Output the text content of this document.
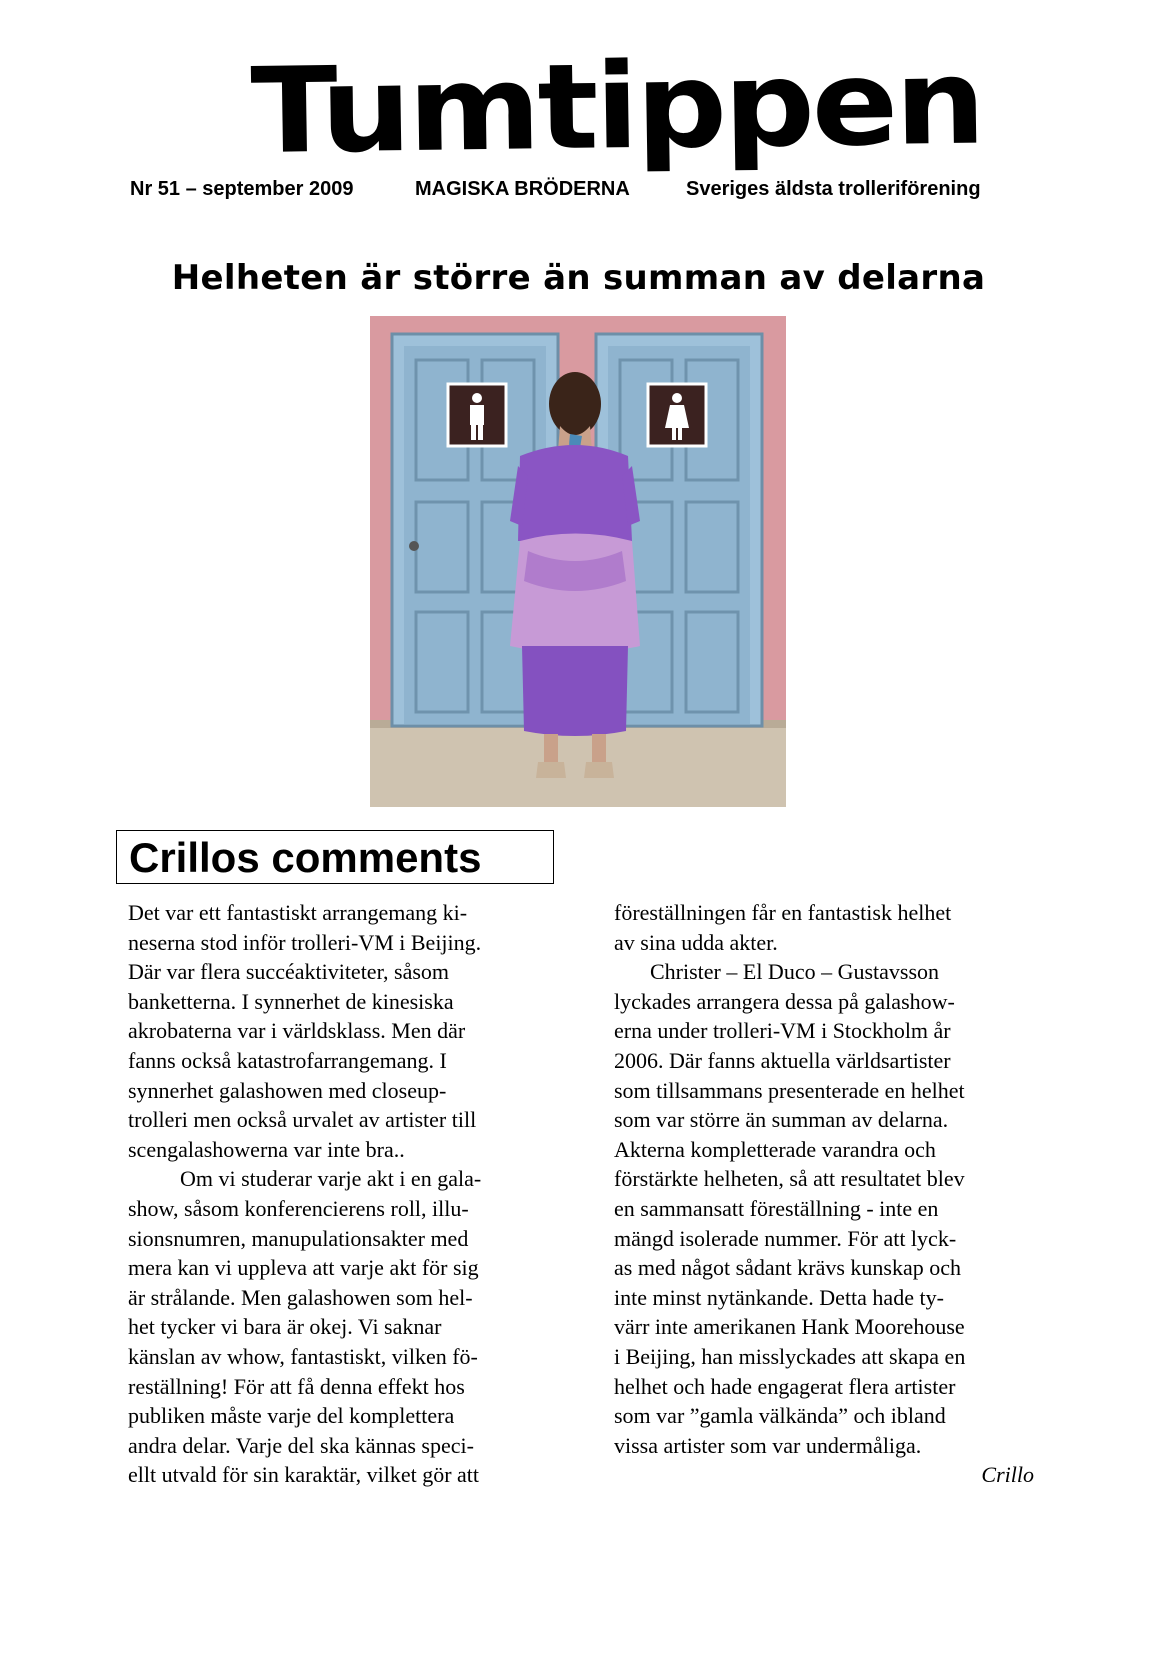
Tumtippen
Nr 51 – september 2009	MAGISKA BRÖDERNA	Sveriges äldsta trolleriförening
Helheten är större än summan av delarna
Crillos comments

Det var ett fantastiskt arrangemang ki-

neserna stod inför trolleri-VM i Beijing.

Där var flera succéaktiviteter, såsom

banketterna. I synnerhet de kinesiska

akrobaterna var i världsklass. Men där

fanns också katastrofarrangemang. I

synnerhet galashowen med closeup-

trolleri men också urvalet av artister till

scengalashowerna var inte bra..

Om vi studerar varje akt i en gala-

show, såsom konferencierens roll, illu-

sionsnumren, manupulationsakter med

mera kan vi uppleva att varje akt för sig

är strålande. Men galashowen som hel-

het tycker vi bara är okej. Vi saknar

känslan av whow, fantastiskt, vilken fö-

reställning! För att få denna effekt hos

publiken måste varje del komplettera

andra delar. Varje del ska kännas speci-

ellt utvald för sin karaktär, vilket gör att

föreställningen får en fantastisk helhet

av sina udda akter.

Christer – El Duco – Gustavsson

lyckades arrangera dessa på galashow-

erna under trolleri-VM i Stockholm år

2006. Där fanns aktuella världsartister

som tillsammans presenterade en helhet

som var större än summan av delarna.

Akterna kompletterade varandra och

förstärkte helheten, så att resultatet blev

en sammansatt föreställning - inte en

mängd isolerade nummer. För att lyck-

as med något sådant krävs kunskap och

inte minst nytänkande. Detta hade ty-

värr inte amerikanen Hank Moorehouse

i Beijing, han misslyckades att skapa en

helhet och hade engagerat flera artister

som var ”gamla välkända” och ibland

vissa artister som var undermåliga.

Crillo
